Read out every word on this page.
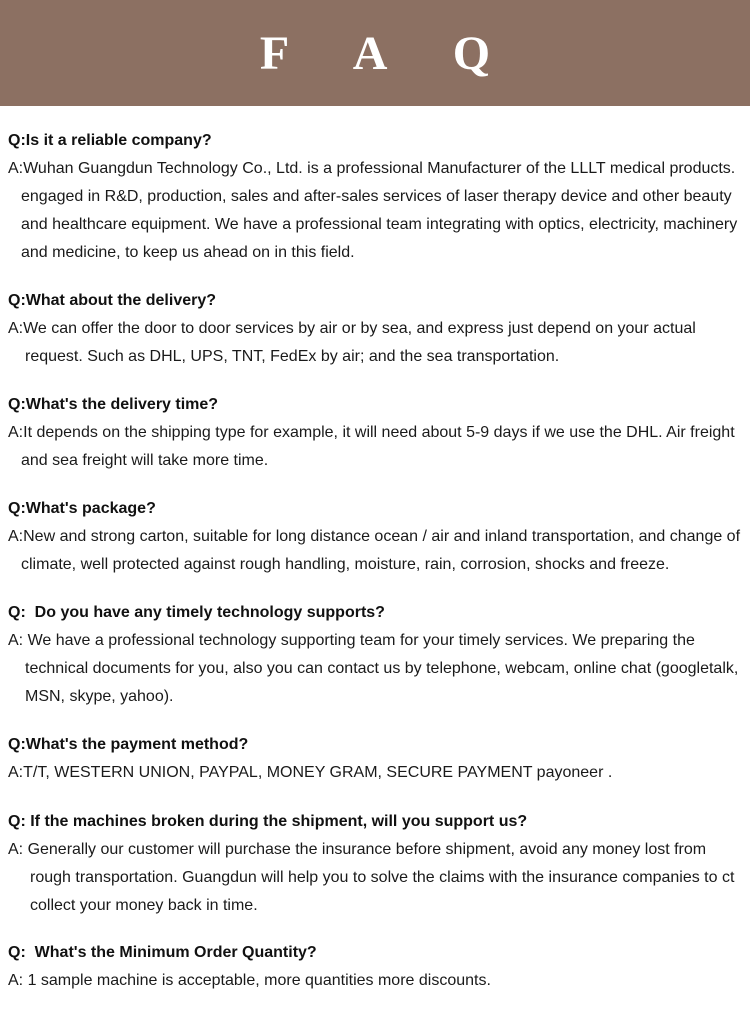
F A Q
Q:Is it a reliable company?
A:Wuhan Guangdun Technology Co., Ltd. is a professional Manufacturer of the LLLT medical products.
engaged in R&D, production, sales and after-sales services of laser therapy device and other beauty
and healthcare equipment. We have a professional team integrating with optics, electricity, machinery
and medicine, to keep us ahead on in this field.
Q:What about the delivery?
A:We can offer the door to door services by air or by sea, and express just depend on your actual
request. Such as DHL, UPS, TNT, FedEx by air; and the sea transportation.
Q:What's the delivery time?
A:It depends on the shipping type for example, it will need about 5-9 days if we use the DHL. Air freight
and sea freight will take more time.
Q:What's package?
A:New and strong carton, suitable for long distance ocean / air and inland transportation, and change of
climate, well protected against rough handling, moisture, rain, corrosion, shocks and freeze.
Q:  Do you have any timely technology supports?
A: We have a professional technology supporting team for your timely services. We preparing the
technical documents for you, also you can contact us by telephone, webcam, online chat (googletalk,
MSN, skype, yahoo).
Q:What's the payment method?
A:T/T, WESTERN UNION, PAYPAL, MONEY GRAM, SECURE PAYMENT payoneer .
Q: If the machines broken during the shipment, will you support us?
A: Generally our customer will purchase the insurance before shipment, avoid any money lost from
rough transportation. Guangdun will help you to solve the claims with the insurance companies to ct
collect your money back in time.
Q:  What's the Minimum Order Quantity?
A: 1 sample machine is acceptable, more quantities more discounts.
